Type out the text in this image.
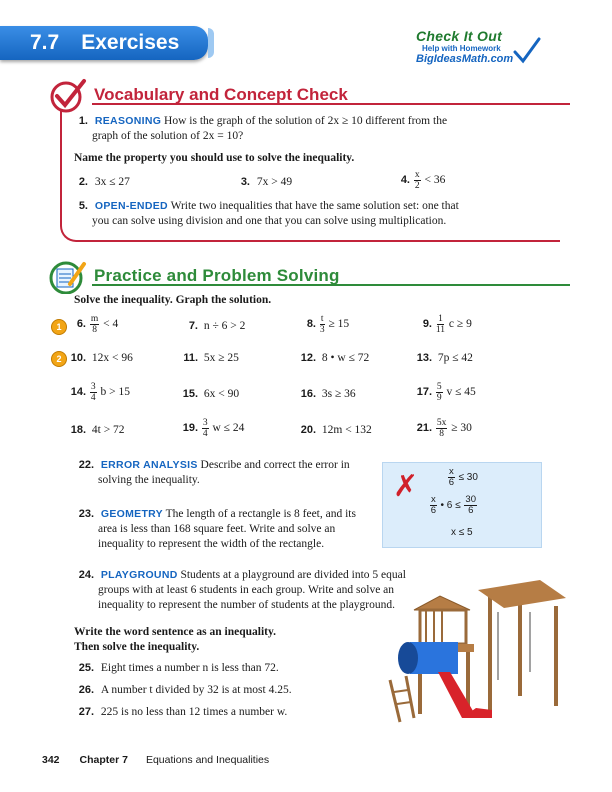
7.7 Exercises	Check It Out
Help with Homework
BigIdeasMath.com
Vocabulary and Concept Check
1. REASONING How is the graph of the solution of 2x ≥ 10 different from the
graph of the solution of 2x = 10?
Name the property you should use to solve the inequality.
2. 3x ≤ 27	3. 7x > 49	4. $\frac{x}{2} < 36$
5. OPEN-ENDED Write two inequalities that have the same solution set: one that
you can solve using division and one that you can solve using multiplication.
Practice and Problem Solving
Solve the inequality. Graph the solution.
1
2
6. $\frac{m}{8} < 4$	7. n ÷ 6 > 2	8. $\frac{t}{3} \ge 15$	9. $\frac{1}{11}$ c ≥ 9
10. 12x < 96	11. 5x ≥ 25	12. 8 • w ≤ 72	13. 7p ≤ 42
14. $\frac{3}{4}$ b > 15	15. 6x < 90	16. 3s ≥ 36	17. $\frac{5}{9}$ v ≤ 45
18. 4t > 72	19. $\frac{3}{4}$ w ≤ 24	20. 12m < 132	21. $\frac{5x}{8} \ge 30$
22. ERROR ANALYSIS Describe and correct the error in
solving the inequality.	✗	$\frac{x}{6} \le 30$
$\frac{x}{6}$ • $6 \le \frac{30}{6}$
x ≤ 5
23. GEOMETRY The length of a rectangle is 8 feet, and its
area is less than 168 square feet. Write and solve an
inequality to represent the width of the rectangle.
24. PLAYGROUND Students at a playground are divided into 5 equal
groups with at least 6 students in each group. Write and solve an
inequality to represent the number of students at the playground.
Write the word sentence as an inequality.
Then solve the inequality.
25. Eight times a number n is less than 72.
26. A number t divided by 32 is at most 4.25.
27. 225 is no less than 12 times a number w.
342 Chapter 7 Equations and Inequalities
